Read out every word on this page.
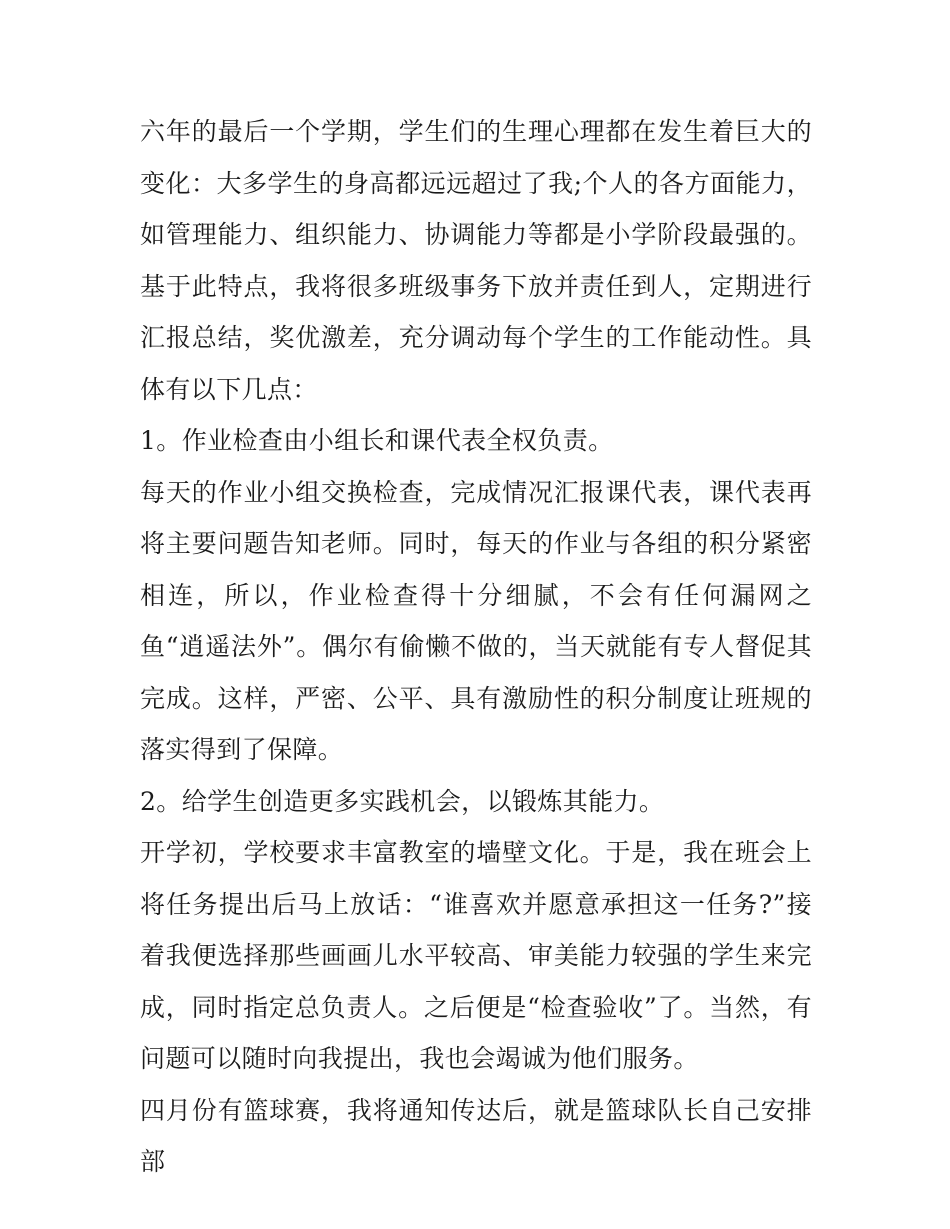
六年的最后一个学期，学生们的生理心理都在发生着巨大的变化：大多学生的身高都远远超过了我;个人的各方面能力，如管理能力、组织能力、协调能力等都是小学阶段最强的。基于此特点，我将很多班级事务下放并责任到人，定期进行汇报总结，奖优激差，充分调动每个学生的工作能动性。具体有以下几点：

1。作业检查由小组长和课代表全权负责。

每天的作业小组交换检查，完成情况汇报课代表，课代表再将主要问题告知老师。同时，每天的作业与各组的积分紧密相连，所以，作业检查得十分细腻，不会有任何漏网之鱼“逍遥法外”。偶尔有偷懒不做的，当天就能有专人督促其完成。这样，严密、公平、具有激励性的积分制度让班规的落实得到了保障。

2。给学生创造更多实践机会，以锻炼其能力。

开学初，学校要求丰富教室的墙壁文化。于是，我在班会上将任务提出后马上放话：“谁喜欢并愿意承担这一任务?”接着我便选择那些画画儿水平较高、审美能力较强的学生来完成，同时指定总负责人。之后便是“检查验收”了。当然，有问题可以随时向我提出，我也会竭诚为他们服务。

四月份有篮球赛，我将通知传达后，就是篮球队长自己安排部
